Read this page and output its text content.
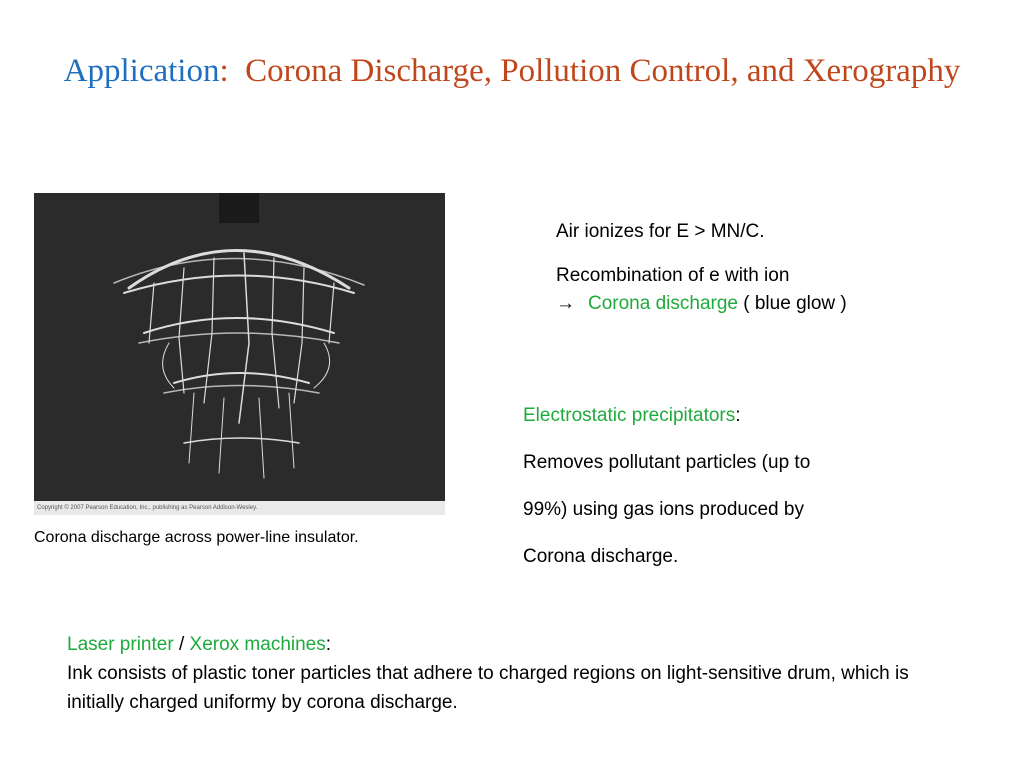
Application: Corona Discharge, Pollution Control, and Xerography
Copyright © 2007 Pearson Education, Inc., publishing as Pearson Addison-Wesley.
Corona discharge across power-line insulator.

Air ionizes for E > MN/C.

Recombination of e with ion

→ Corona discharge ( blue glow )

Electrostatic precipitators:
Removes pollutant particles (up to
99%) using gas ions produced by
Corona discharge.
Laser printer / Xerox machines:
Ink consists of plastic toner particles that adhere to charged regions on light-sensitive drum, which is initially charged uniformy by corona discharge.
